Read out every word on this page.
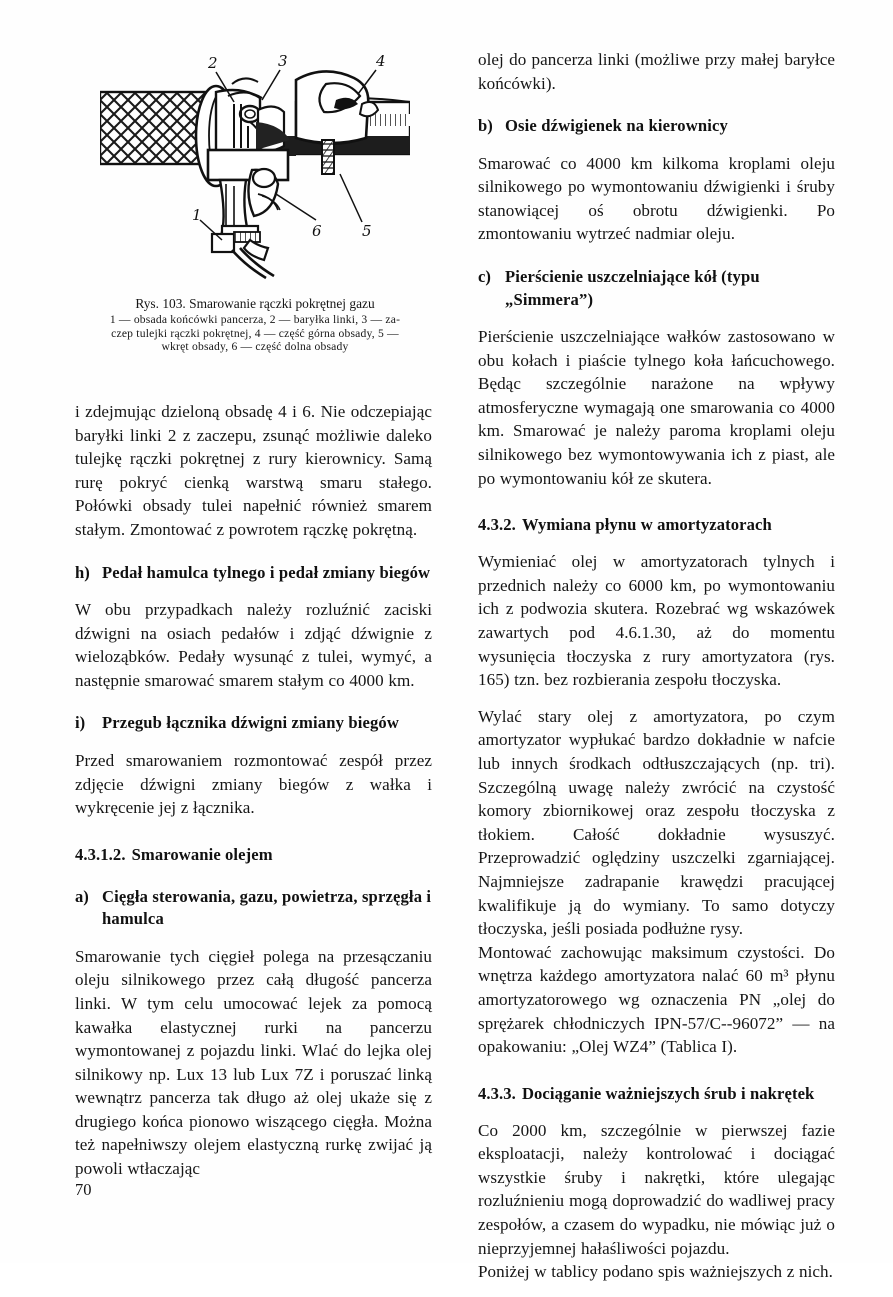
2	3	4
5
6
1
Rys. 103. Smarowanie rączki pokrętnej gazu
1 — obsada końcówki pancerza, 2 — baryłka linki, 3 — za-
czep tulejki rączki pokrętnej, 4 — część górna obsady, 5 —
wkręt obsady, 6 — część dolna obsady

i zdejmując dzieloną obsadę 4 i 6. Nie odczepiając baryłki linki 2 z zaczepu, zsunąć możliwie daleko tulejkę rączki pokrętnej z rury kierownicy. Samą rurę pokryć cienką warstwą smaru stałego. Połówki obsady tulei napełnić również smarem stałym. Zmontować z powrotem rączkę pokrętną.

h) Pedał hamulca tylnego i pedał zmiany biegów

W obu przypadkach należy rozluźnić zaciski dźwigni na osiach pedałów i zdjąć dźwignie z wieloząbków. Pedały wysunąć z tulei, wymyć, a następnie smarować smarem stałym co 4000 km.

i)	Przegub łącznika dźwigni zmiany biegów

Przed smarowaniem rozmontować zespół przez zdjęcie dźwigni zmiany biegów z wałka i wykręcenie jej z łącznika.

4.3.1.2. Smarowanie olejem
a) Cięgła sterowania, gazu, powietrza, sprzęgła i hamulca

Smarowanie tych cięgieł polega na przesączaniu oleju silnikowego przez całą długość pancerza linki. W tym celu umocować lejek za pomocą kawałka elastycznej rurki na pancerzu wymontowanej z pojazdu linki. Wlać do lejka olej silnikowy np. Lux 13 lub Lux 7Z i poruszać linką wewnątrz pancerza tak długo aż olej ukaże się z drugiego końca pionowo wiszącego cięgła. Można też napełniwszy olejem elastyczną rurkę zwijać ją powoli wtłaczając

olej do pancerza linki (możliwe przy małej baryłce końcówki).

b) Osie dźwigienek na kierownicy

Smarować co 4000 km kilkoma kroplami oleju silnikowego po wymontowaniu dźwigienki i śruby stanowiącej oś obrotu dźwigienki. Po zmontowaniu wytrzeć nadmiar oleju.

c) Pierścienie uszczelniające kół (typu „Simmera”)

Pierścienie uszczelniające wałków zastosowano w obu kołach i piaście tylnego koła łańcuchowego. Będąc szczególnie narażone na wpływy atmosferyczne wymagają one smarowania co 4000 km. Smarować je należy paroma kroplami oleju silnikowego bez wymontowywania ich z piast, ale po wymontowaniu kół ze skutera.

4.3.2. Wymiana płynu w amortyzatorach

Wymieniać olej w amortyzatorach tylnych i przednich należy co 6000 km, po wymontowaniu ich z podwozia skutera. Rozebrać wg wskazówek zawartych pod 4.6.1.30, aż do momentu wysunięcia tłoczyska z rury amortyzatora (rys. 165) tzn. bez rozbierania zespołu tłoczyska.

Wylać stary olej z amortyzatora, po czym amortyzator wypłukać bardzo dokładnie w nafcie lub innych środkach odtłuszczających (np. tri). Szczególną uwagę należy zwrócić na czystość komory zbiornikowej oraz zespołu tłoczyska z tłokiem. Całość dokładnie wysuszyć. Przeprowadzić oględziny uszczelki zgarniającej. Najmniejsze zadrapanie krawędzi pracującej kwalifikuje ją do wymiany. To samo dotyczy tłoczyska, jeśli posiada podłużne rysy.

Montować zachowując maksimum czystości. Do wnętrza każdego amortyzatora nalać 60 m³ płynu amortyzatorowego wg oznaczenia PN „olej do sprężarek chłodniczych IPN-57/C--96072” — na opakowaniu: „Olej WZ4” (Tablica I).

4.3.3. Dociąganie ważniejszych śrub i nakrętek

Co 2000 km, szczególnie w pierwszej fazie eksploatacji, należy kontrolować i dociągać wszystkie śruby i nakrętki, które ulegając rozluźnieniu mogą doprowadzić do wadliwej pracy zespołów, a czasem do wypadku, nie mówiąc już o nieprzyjemnej hałaśliwości pojazdu.

Poniżej w tablicy podano spis ważniejszych z nich.

70
